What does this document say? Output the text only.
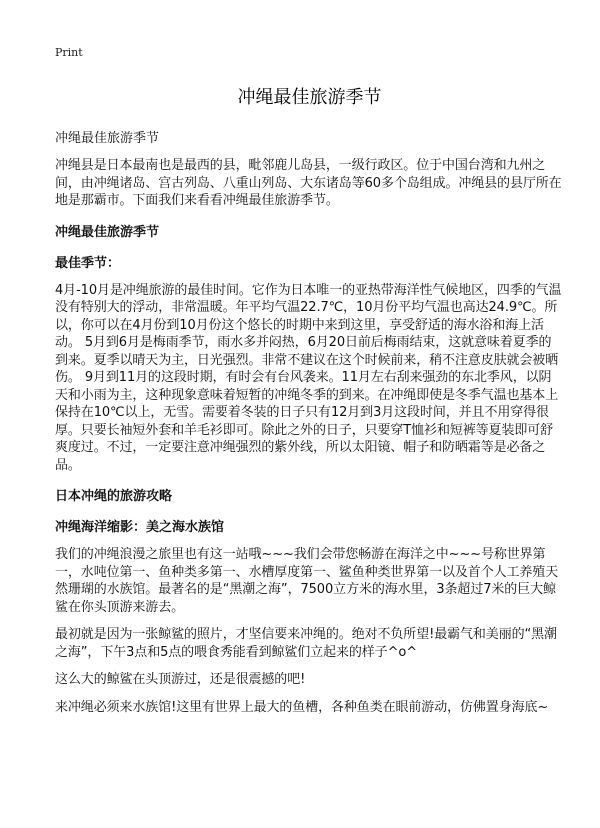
Print
冲绳最佳旅游季节
冲绳最佳旅游季节

冲绳县是日本最南也是最西的县，毗邻鹿儿岛县，一级行政区。位于中国台湾和九州之间，由冲绳诸岛、宫古列岛、八重山列岛、大东诸岛等60多个岛组成。冲绳县的县厅所在地是那霸市。下面我们来看看冲绳最佳旅游季节。

冲绳最佳旅游季节
最佳季节：

4月-10月是冲绳旅游的最佳时间。它作为日本唯一的亚热带海洋性气候地区，四季的气温没有特别大的浮动，非常温暖。年平均气温22.7℃，10月份平均气温也高达24.9℃。所以，你可以在4月份到10月份这个悠长的时期中来到这里，享受舒适的海水浴和海上活动。 5月到6月是梅雨季节，雨水多并闷热，6月20日前后梅雨结束，这就意味着夏季的到来。夏季以晴天为主，日光强烈。非常不建议在这个时候前来，稍不注意皮肤就会被晒伤。 9月到11月的这段时期，有时会有台风袭来。11月左右刮来强劲的东北季风，以阴天和小雨为主，这种现象意味着短暂的冲绳冬季的到来。在冲绳即使是冬季气温也基本上保持在10℃以上，无雪。需要着冬装的日子只有12月到3月这段时间，并且不用穿得很厚。只要长袖短外套和羊毛衫即可。除此之外的日子，只要穿T恤衫和短裤等夏装即可舒爽度过。不过，一定要注意冲绳强烈的紫外线，所以太阳镜、帽子和防晒霜等是必备之品。

日本冲绳的旅游攻略
冲绳海洋缩影：美之海水族馆

我们的冲绳浪漫之旅里也有这一站哦~~~我们会带您畅游在海洋之中~~~号称世界第一，水吨位第一、鱼种类多第一、水槽厚度第一、鲨鱼种类世界第一以及首个人工养殖天然珊瑚的水族馆。最著名的是“黑潮之海”，7500立方米的海水里，3条超过7米的巨大鲸鲨在你头顶游来游去。

最初就是因为一张鲸鲨的照片，才坚信要来冲绳的。绝对不负所望!最霸气和美丽的“黑潮之海”，下午3点和5点的喂食秀能看到鲸鲨们立起来的样子^o^

这么大的鲸鲨在头顶游过，还是很震撼的吧!

来冲绳必须来水族馆!这里有世界上最大的鱼槽，各种鱼类在眼前游动，仿佛置身海底~
